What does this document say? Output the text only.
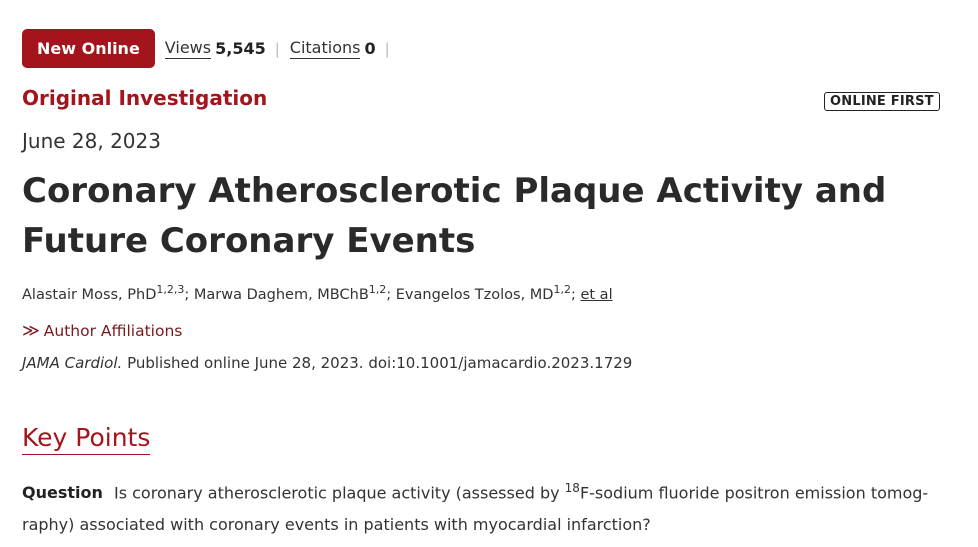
New Online	Views 5,545 | Citations 0 |
Original Investigation	ONLINE FIRST
June 28, 2023
Coronary Atherosclerotic Plaque Activity and Future Coronary Events
Alastair Moss, PhD$^{1,2,3}$; Marwa Daghem, MBChB$^{1,2}$; Evangelos Tzolos, MD$^{1,2}$; et al
≫ Author Affiliations
JAMA Cardiol. Published online June 28, 2023. doi:10.1001/jamacardio.2023.1729
Key Points
Question Is coronary atherosclerotic plaque activity (assessed by $^{18}$F-sodium fluoride positron emission tomog-raphy) associated with coronary events in patients with myocardial infarction?
